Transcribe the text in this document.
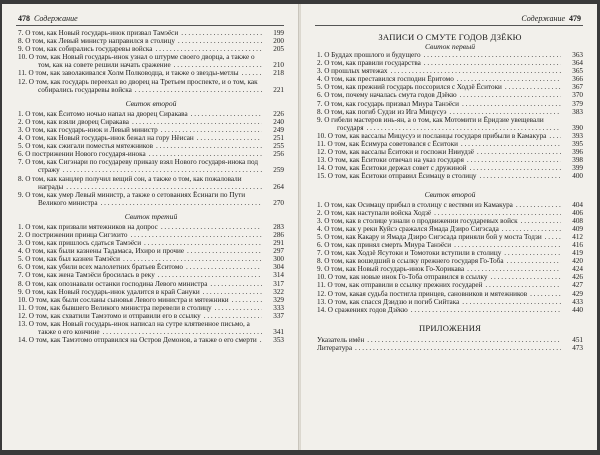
478 Содержание
7. О том, как Новый государь-инок призвал Тамэёси . . .	199
8. О том, как Левый министр направился в столицу . . .	200
9. О том, как собирались государевы войска . . .	205
10. О том, как Новый государь-инок узнал о штурме своего дворца, а также о том, как на совете решили начать сражение . . .	210
11. О том, как заволакивался Холм Полководца, и также о звезды-метлы . . .	218
12. О том, как государь переехал во дворец на Третьем проспекте, и о том, как собирались государевы войска . . .	221
Свиток второй
1. О том, как Ёситомо ночью напал на дворец Сиракава . . .	226
2. О том, как взяли дворец Сиракава . . .	240
3. О том, как государь-инок и Левый министр . . .	249
4. О том, как Новый государь-инок бежал на гору Нёисан . . .	251
5. О том, как сжигали поместья мятежников . . .	255
6. О пострижении Нового государя-инока . . .	256
7. О том, как Сигэнари по государеву приказу взял Нового государя-инока под стражу . . .	259
8. О том, как канцлер получил вещий сон, а также о том, как пожаловали награды . . .	264
9. О том, как умер Левый министр, а также о сетованиях Ёсинаги по Пути Великого министра . . .	270
Свиток третий
1. О том, как призвали мятежников на допрос . . .	283
2. О пострижении принца Сигэхито . . .	286
3. О том, как пришлось сдаться Тамэёси . . .	291
4. О том, как были казнены Тадамаса, Ихиро и прочие . . .	297
5. О том, как был казнен Тамэёси . . .	300
6. О том, как убили всех малолетних братьев Ёситомо . . .	304
7. О том, как жена Тамэёси бросилась в реку . . .	314
8. О том, как опознавали останки господина Левого министра . . .	317
9. О том, как Новый государь-инок удалится в край Сануки . . .	322
10. О том, как были сосланы сыновья Левого министра и мятежники . . .	329
11. О том, как бывшего Великого министра перевели в столицу . . .	333
12. О том, как схватили Тамэтомо и отправили его в ссылку . . .	337
13. О том, как Новый государь-инок написал на сутре клятвенное письмо, а также о его кончине . . .	341
14. О том, как Тамэтомо отправился на Остров Демонов, а также о его смерти . . .	353
Содержание 479
ЗАПИСИ О СМУТЕ ГОДОВ ДЗЁКЮ
Свиток первый
1. О Буддах прошлого и будущего . . .	363
2. О том, как правили государства . . .	364
3. О прошлых мятежах . . .	365
4. О том, как преставился господин Ёритомо . . .	366
5. О том, как прежний государь поссорился с Ходзё Ёситоки . . .	367
6. О том, почему началась смута годов Дзёкю . . .	370
7. О том, как государь призвал Миура Танэёси . . .	379
8. О том, как погиб Судзи из Ига Мицусуэ . . .	383
9. О гибели мастеров инь-ян, а о том, как Мотомити и Ёридзие увещевали государя . . .	390
10. О том, как вассалы Мицусуэ и посланцы государя прибыли в Камакура . . .	393
11. О том, как Ёсимура советовался с Ёситоки . . .	395
12. О том, как вассалы Ёситоки и госпожи Нииудзё . . .	396
13. О том, как Ёситоки отвечал на указ государя . . .	398
14. О том, как Ёситоки держал совет с дружиной . . .	399
15. О том, как Ёситоки отправил Ёсимацу в столицу . . .	400
Свиток второй
1. О том, как Осимацу прибыл в столицу с вестями из Камакура . . .	404
2. О том, как наступали войска Ходзё . . .	406
3. О том, как в столице узнали о продвижении государевых войск . . .	408
4. О том, как у реки Куйсэ сражался Ямада Дзиро Сигэсада . . .	409
5. О том, как Какару и Ямада Дзиро Сигэсада приняли бой у моста Тодзи . . .	412
6. О том, как принял смерть Миура Танэёси . . .	416
7. О том, как Ходзё Ясутоки и Томотоки вступили в столицу . . .	419
8. О том, как вошедший в ссылку прежнего государя Го-Тоба . . .	420
9. О том, как Новый государь-инок Го-Хорикава . . .	424
10. О том, как новые инок Го-Тоба отправился в ссылку . . .	426
11. О том, как отправили в ссылку прежних государей . . .	427
12. О том, какая судьба постигла принцев, сановников и мятежников . . .	429
13. О том, как спасся Дзидзю и погиб Сийтака . . .	433
14. О сражениях годов Дзёкю . . .	440
ПРИЛОЖЕНИЯ
Указатель имён . . .	451
Литература . . .	473
